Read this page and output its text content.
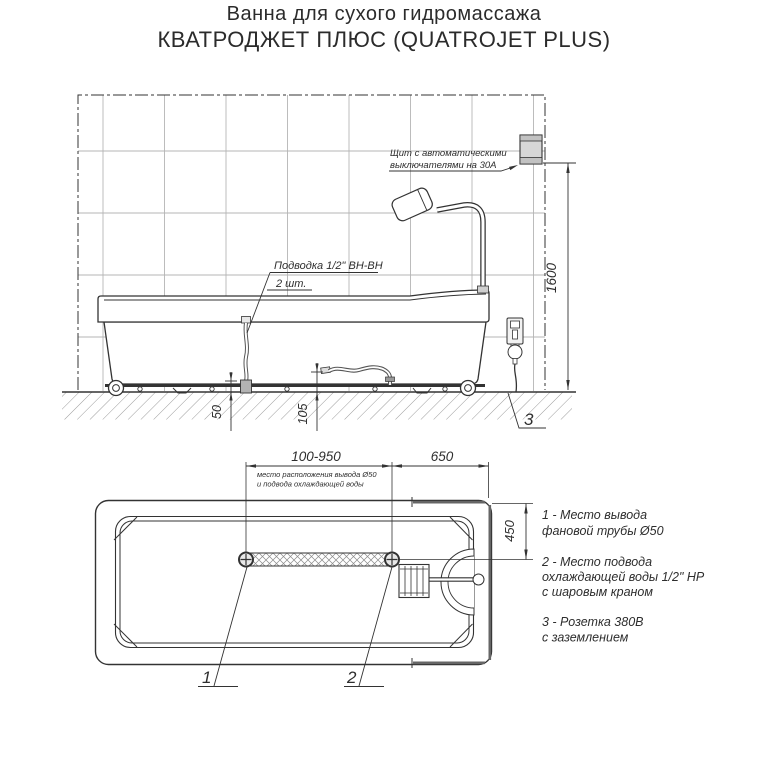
Ванна для сухого гидромассажа
КВАТРОДЖЕТ ПЛЮС (QUATROJET PLUS)
Щит с автоматическими
выключателями на 30А
Подводка 1/2" ВН-ВН
2 шт.
3
1600
50	105
100-950	650
место расположения вывода Ø50
и подвода охлаждающей воды
450
1	2
1 - Место вывода
фановой трубы Ø50
2 - Место подвода
охлаждающей воды 1/2" НР
с шаровым краном
3 - Розетка 380В
с заземлением
